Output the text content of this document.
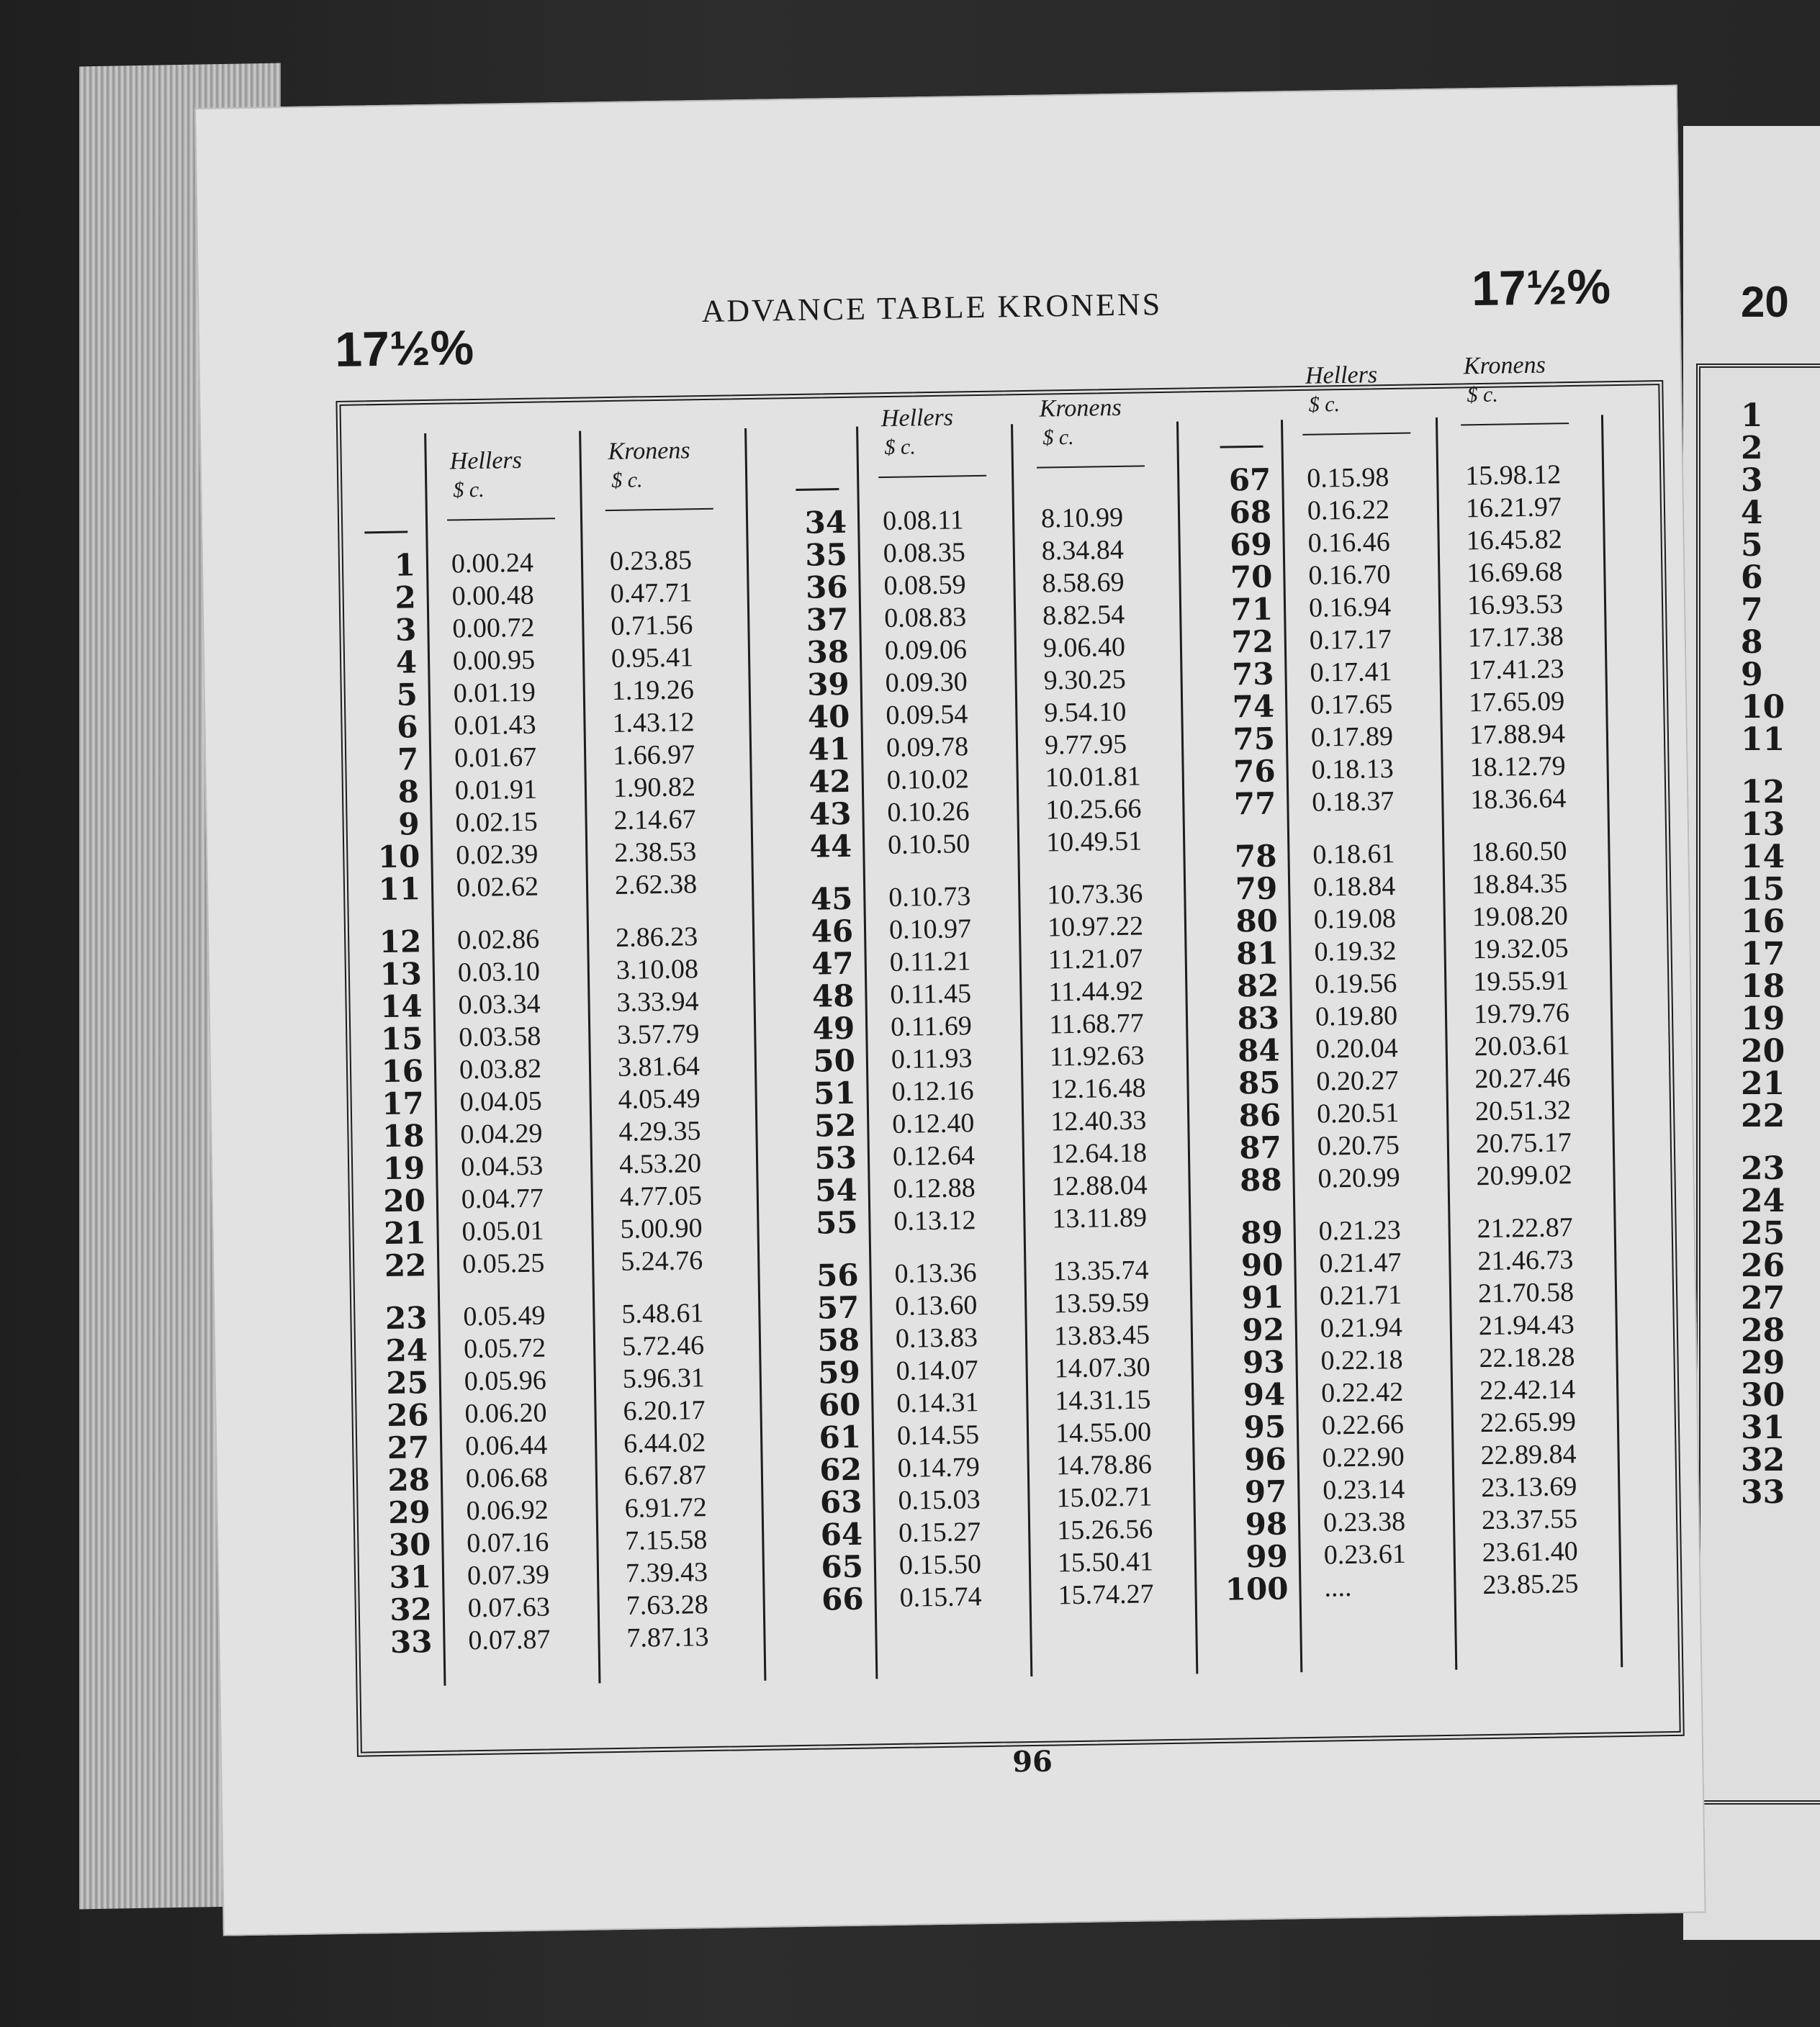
20
1
2
3
4
5
6
7
8
9
10
11
12
13
14
15
16
17
18
19
20
21
22
23
24
25
26
27
28
29
30
31
32
33
17½%
ADVANCE TABLE KRONENS	17½%
Hellers
$ c.
Kronens
$ c.
1
2
3
4
5
6
7
8
9
10
11
12
13
14
15
16
17
18
19
20
21
22
23
24
25
26
27
28
29
30
31
32
33
0.00.24
0.00.48
0.00.72
0.00.95
0.01.19
0.01.43
0.01.67
0.01.91
0.02.15
0.02.39
0.02.62
0.02.86
0.03.10
0.03.34
0.03.58
0.03.82
0.04.05
0.04.29
0.04.53
0.04.77
0.05.01
0.05.25
0.05.49
0.05.72
0.05.96
0.06.20
0.06.44
0.06.68
0.06.92
0.07.16
0.07.39
0.07.63
0.07.87
0.23.85
0.47.71
0.71.56
0.95.41
1.19.26
1.43.12
1.66.97
1.90.82
2.14.67
2.38.53
2.62.38
2.86.23
3.10.08
3.33.94
3.57.79
3.81.64
4.05.49
4.29.35
4.53.20
4.77.05
5.00.90
5.24.76
5.48.61
5.72.46
5.96.31
6.20.17
6.44.02
6.67.87
6.91.72
7.15.58
7.39.43
7.63.28
7.87.13
Hellers
$ c.
Kronens
$ c.
34
35
36
37
38
39
40
41
42
43
44
45
46
47
48
49
50
51
52
53
54
55
56
57
58
59
60
61
62
63
64
65
66
0.08.11
0.08.35
0.08.59
0.08.83
0.09.06
0.09.30
0.09.54
0.09.78
0.10.02
0.10.26
0.10.50
0.10.73
0.10.97
0.11.21
0.11.45
0.11.69
0.11.93
0.12.16
0.12.40
0.12.64
0.12.88
0.13.12
0.13.36
0.13.60
0.13.83
0.14.07
0.14.31
0.14.55
0.14.79
0.15.03
0.15.27
0.15.50
0.15.74
8.10.99
8.34.84
8.58.69
8.82.54
9.06.40
9.30.25
9.54.10
9.77.95
10.01.81
10.25.66
10.49.51
10.73.36
10.97.22
11.21.07
11.44.92
11.68.77
11.92.63
12.16.48
12.40.33
12.64.18
12.88.04
13.11.89
13.35.74
13.59.59
13.83.45
14.07.30
14.31.15
14.55.00
14.78.86
15.02.71
15.26.56
15.50.41
15.74.27
Hellers
$ c.
Kronens
$ c.
67
68
69
70
71
72
73
74
75
76
77
78
79
80
81
82
83
84
85
86
87
88
89
90
91
92
93
94
95
96
97
98
99
100
0.15.98
0.16.22
0.16.46
0.16.70
0.16.94
0.17.17
0.17.41
0.17.65
0.17.89
0.18.13
0.18.37
0.18.61
0.18.84
0.19.08
0.19.32
0.19.56
0.19.80
0.20.04
0.20.27
0.20.51
0.20.75
0.20.99
0.21.23
0.21.47
0.21.71
0.21.94
0.22.18
0.22.42
0.22.66
0.22.90
0.23.14
0.23.38
0.23.61
....
15.98.12
16.21.97
16.45.82
16.69.68
16.93.53
17.17.38
17.41.23
17.65.09
17.88.94
18.12.79
18.36.64
18.60.50
18.84.35
19.08.20
19.32.05
19.55.91
19.79.76
20.03.61
20.27.46
20.51.32
20.75.17
20.99.02
21.22.87
21.46.73
21.70.58
21.94.43
22.18.28
22.42.14
22.65.99
22.89.84
23.13.69
23.37.55
23.61.40
23.85.25
96
